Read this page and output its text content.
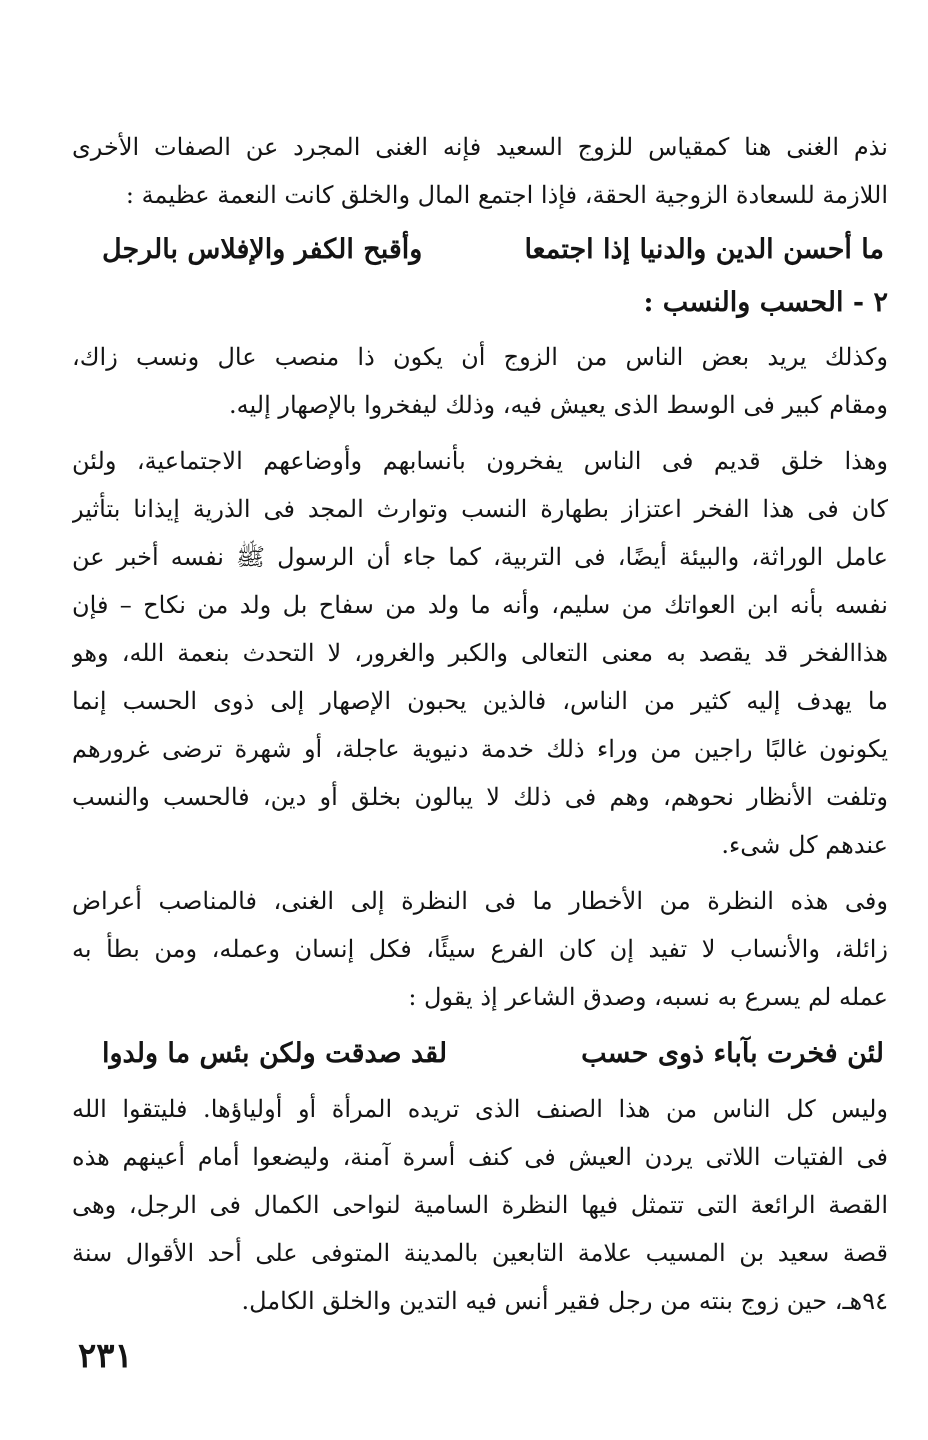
نذم الغنى هنا كمقياس للزوج السعيد فإنه الغنى المجرد عن الصفات الأخرى
اللازمة للسعادة الزوجية الحقة، فإذا اجتمع المال والخلق كانت النعمة عظيمة :
ما أحسن الدين والدنيا إذا اجتمعا
وأقبح الكفر والإفلاس بالرجل
٢ - الحسب والنسب :
وكذلك يريد بعض الناس من الزوج أن يكون ذا منصب عال ونسب زاك،
ومقام كبير فى الوسط الذى يعيش فيه، وذلك ليفخروا بالإصهار إليه.
وهذا خلق قديم فى الناس يفخرون بأنسابهم وأوضاعهم الاجتماعية، ولئن
كان فى هذا الفخر اعتزاز بطهارة النسب وتوارث المجد فى الذرية إيذانا بتأثير
عامل الوراثة، والبيئة أيضًا، فى التربية، كما جاء أن الرسول ﷺ نفسه أخبر عن
نفسه بأنه ابن العواتك من سليم، وأنه ما ولد من سفاح بل ولد من نكاح – فإن
هذاالفخر قد يقصد به معنى التعالى والكبر والغرور، لا التحدث بنعمة الله، وهو
ما يهدف إليه كثير من الناس، فالذين يحبون الإصهار إلى ذوى الحسب إنما
يكونون غالبًا راجين من وراء ذلك خدمة دنيوية عاجلة، أو شهرة ترضى غرورهم
وتلفت الأنظار نحوهم، وهم فى ذلك لا يبالون بخلق أو دين، فالحسب والنسب
عندهم كل شىء.
وفى هذه النظرة من الأخطار ما فى النظرة إلى الغنى، فالمناصب أعراض
زائلة، والأنساب لا تفيد إن كان الفرع سيئًا، فكل إنسان وعمله، ومن بطأ به
عمله لم يسرع به نسبه، وصدق الشاعر إذ يقول :
لئن فخرت بآباء ذوى حسب
لقد صدقت ولكن بئس ما ولدوا
وليس كل الناس من هذا الصنف الذى تريده المرأة أو أولياؤها. فليتقوا الله
فى الفتيات اللاتى يردن العيش فى كنف أسرة آمنة، وليضعوا أمام أعينهم هذه
القصة الرائعة التى تتمثل فيها النظرة السامية لنواحى الكمال فى الرجل، وهى
قصة سعيد بن المسيب علامة التابعين بالمدينة المتوفى على أحد الأقوال سنة
٩٤هـ، حين زوج بنته من رجل فقير أنس فيه التدين والخلق الكامل.
٢٣١
